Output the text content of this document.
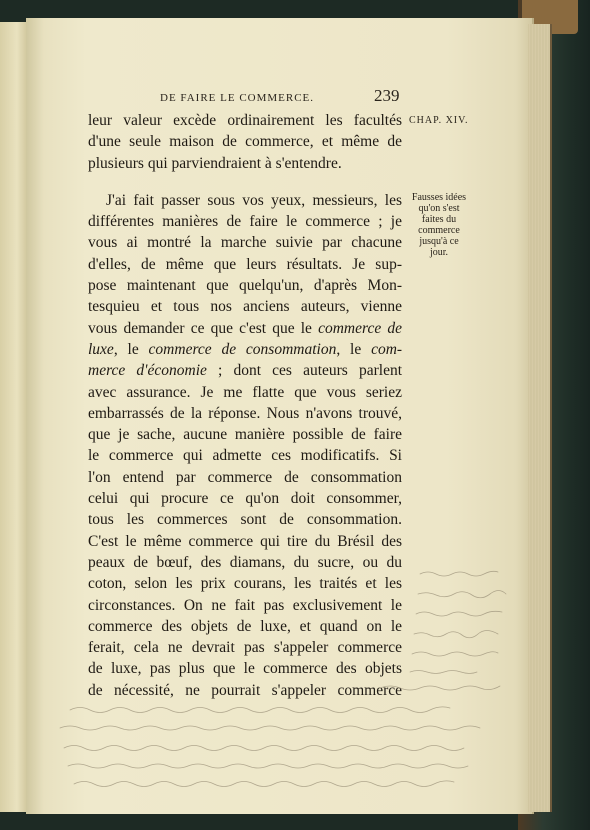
DE FAIRE LE COMMERCE.	239
CHAP. XIV.
Fausses idées
qu'on s'est
faites du
commerce
jusqu'à ce
jour.
leur valeur excède ordinairement les facultés
d'une seule maison de commerce, et même de
plusieurs qui parviendraient à s'entendre.
J'ai fait passer sous vos yeux, messieurs, les
différentes manières de faire le commerce ; je
vous ai montré la marche suivie par chacune
d'elles, de même que leurs résultats. Je sup-
pose maintenant que quelqu'un, d'après Mon-
tesquieu et tous nos anciens auteurs, vienne
vous demander ce que c'est que le commerce de
luxe, le commerce de consommation, le com-
merce d'économie ; dont ces auteurs parlent
avec assurance. Je me flatte que vous seriez
embarrassés de la réponse. Nous n'avons trouvé,
que je sache, aucune manière possible de faire
le commerce qui admette ces modificatifs. Si
l'on entend par commerce de consommation
celui qui procure ce qu'on doit consommer,
tous les commerces sont de consommation.
C'est le même commerce qui tire du Brésil des
peaux de bœuf, des diamans, du sucre, ou du
coton, selon les prix courans, les traités et les
circonstances. On ne fait pas exclusivement le
commerce des objets de luxe, et quand on le
ferait, cela ne devrait pas s'appeler commerce
de luxe, pas plus que le commerce des objets
de nécessité, ne pourrait s'appeler commerce
